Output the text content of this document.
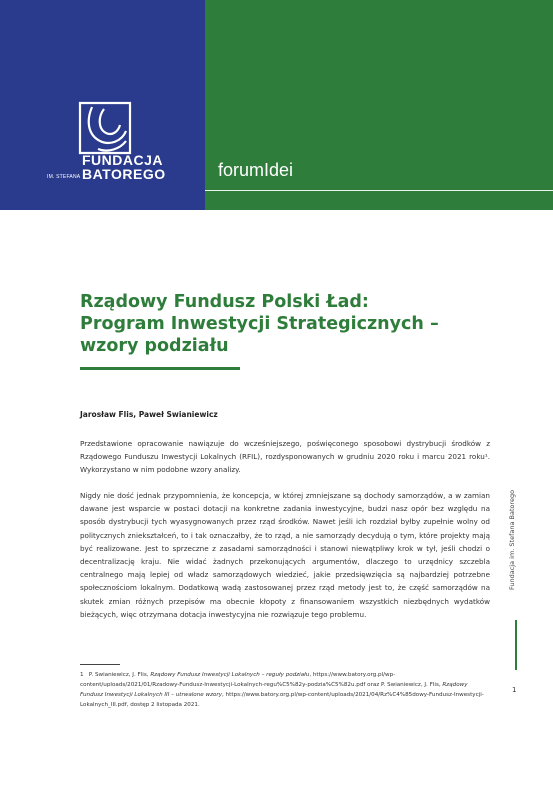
FUNDACJA
IM. STEFANA BATOREGO	forumIdei
Rządowy Fundusz Polski Ład:
Program Inwestycji Strategicznych –
wzory podziału
Jarosław Flis, Paweł Swianiewicz

Przedstawione opracowanie nawiązuje do wcześniejszego, poświęconego sposobowi dystrybucji środków z Rządowego Funduszu Inwestycji Lokalnych (RFIL), rozdysponowanych w grudniu 2020 roku i marcu 2021 roku¹. Wykorzystano w nim podobne wzory analizy.

Nigdy nie dość jednak przypomnienia, że koncepcja, w której zmniejszane są dochody samorządów, a w zamian dawane jest wsparcie w postaci dotacji na konkretne zadania inwestycyjne, budzi nasz opór bez względu na sposób dystrybucji tych wyasygnowanych przez rząd środków. Nawet jeśli ich rozdział byłby zupełnie wolny od politycznych zniekształceń, to i tak oznaczałby, że to rząd, a nie samorządy decydują o tym, które projekty mają być realizowane. Jest to sprzeczne z zasadami samorządności i stanowi niewątpliwy krok w tył, jeśli chodzi o decentralizację kraju. Nie widać żadnych przekonujących argumentów, dlaczego to urzędnicy szczebla centralnego mają lepiej od władz samorządowych wiedzieć, jakie przedsięwzięcia są najbardziej potrzebne społecznościom lokalnym. Dodatkową wadą zastosowanej przez rząd metody jest to, że część samorządów na skutek zmian różnych przepisów ma obecnie kłopoty z finansowaniem wszystkich niezbędnych wydatków bieżących, więc otrzymana dotacja inwestycyjna nie rozwiązuje tego problemu.

1 P. Swianiewicz, J. Flis, Rządowy Fundusz Inwestycji Lokalnych – reguły podziału, https://www.batory.org.pl/wp-content/uploads/2021/01/Rzadowy-Fundusz-Inwestycji-Lokalnych-regu%C5%82y-podzia%C5%82u.pdf oraz P. Swianiewicz, J. Flis, Rządowy Fundusz Inwestycji Lokalnych III – utrwalone wzory, https://www.batory.org.pl/wp-content/uploads/2021/04/Rz%C4%85dowy-Fundusz-Inwestycji-Lokalnych_III.pdf, dostęp 2 listopada 2021.
Fundacja im. Stefana Batorego
1
